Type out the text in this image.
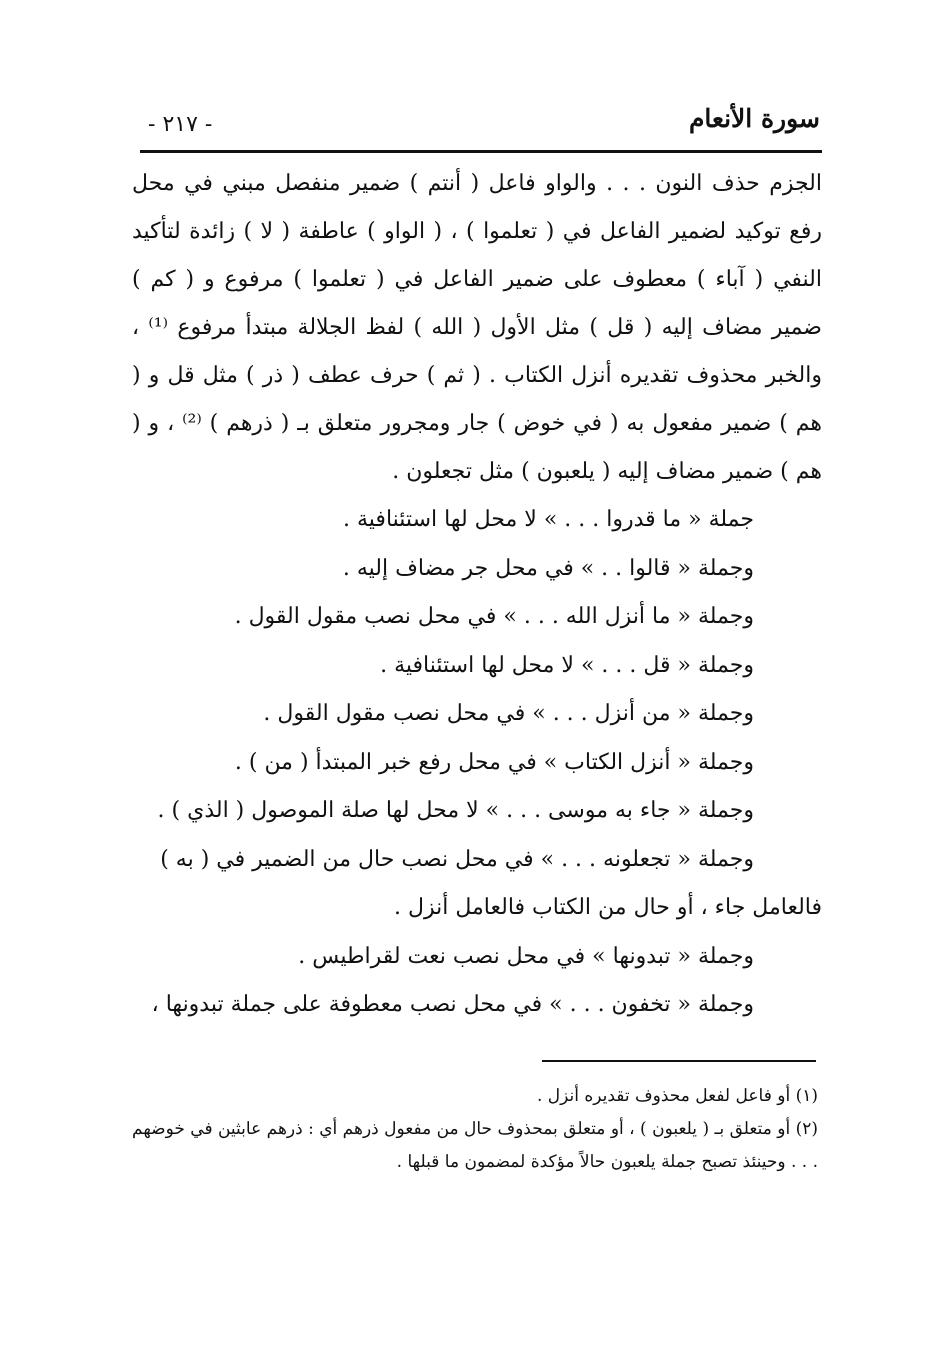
سورة الأنعام
- ٢١٧ -

الجزم حذف النون . . . والواو فاعل ( أنتم ) ضمير منفصل مبني في محل رفع توكيد لضمير الفاعل في ( تعلموا ) ، ( الواو ) عاطفة ( لا ) زائدة لتأكيد النفي ( آباء ) معطوف على ضمير الفاعل في ( تعلموا ) مرفوع و ( كم ) ضمير مضاف إليه ( قل ) مثل الأول ( الله ) لفظ الجلالة مبتدأ مرفوع ⁽¹⁾ ، والخبر محذوف تقديره أنزل الكتاب . ( ثم ) حرف عطف ( ذر ) مثل قل و ( هم ) ضمير مفعول به ( في خوض ) جار ومجرور متعلق بـ ( ذرهم ) ⁽²⁾ ، و ( هم ) ضمير مضاف إليه ( يلعبون ) مثل تجعلون .

جملة « ما قدروا . . . » لا محل لها استئنافية .
وجملة « قالوا . . » في محل جر مضاف إليه .
وجملة « ما أنزل الله . . . » في محل نصب مقول القول .
وجملة « قل . . . » لا محل لها استئنافية .
وجملة « من أنزل . . . » في محل نصب مقول القول .
وجملة « أنزل الكتاب » في محل رفع خبر المبتدأ ( من ) .
وجملة « جاء به موسى . . . » لا محل لها صلة الموصول ( الذي ) .
وجملة « تجعلونه . . . » في محل نصب حال من الضمير في ( به )
فالعامل جاء ، أو حال من الكتاب فالعامل أنزل .
وجملة « تبدونها » في محل نصب نعت لقراطيس .
وجملة « تخفون . . . » في محل نصب معطوفة على جملة تبدونها ،

(١) أو فاعل لفعل محذوف تقديره أنزل .

(٢) أو متعلق بـ ( يلعبون ) ، أو متعلق بمحذوف حال من مفعول ذرهم أي : ذرهم عابثين في خوضهم . . . وحينئذ تصبح جملة يلعبون حالاً مؤكدة لمضمون ما قبلها .
